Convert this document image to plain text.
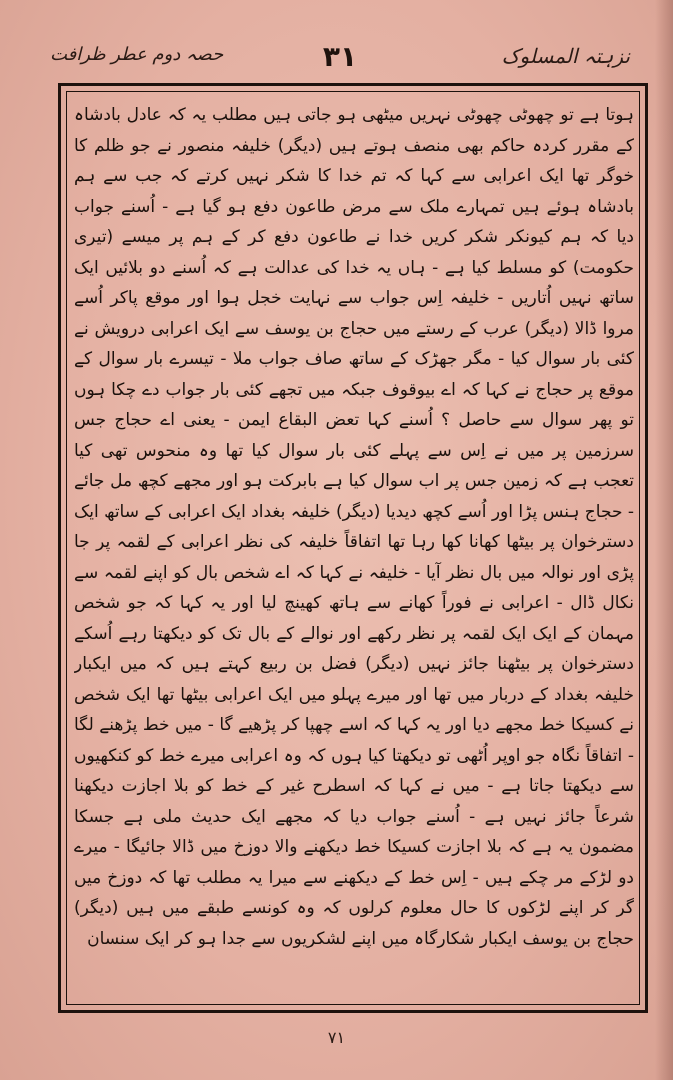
نزہتہ المسلوک
۳۱
حصہ دوم عطر ظرافت

ہوتا ہے تو چھوٹی چھوٹی نہریں میٹھی ہو جاتی ہیں مطلب یہ کہ عادل بادشاہ کے مقرر کردہ حاکم بھی منصف ہوتے ہیں (دیگر) خلیفہ منصور نے جو ظلم کا خوگر تھا ایک اعرابی سے کہا کہ تم خدا کا شکر نہیں کرتے کہ جب سے ہم بادشاہ ہوئے ہیں تمہارے ملک سے مرض طاعون دفع ہو گیا ہے - اُسنے جواب دیا کہ ہم کیونکر شکر کریں خدا نے طاعون دفع کر کے ہم پر میسے (تیری حکومت) کو مسلط کیا ہے - ہاں یہ خدا کی عدالت ہے کہ اُسنے دو بلائیں ایک ساتھ نہیں اُتاریں - خلیفہ اِس جواب سے نہایت خجل ہوا اور موقع پاکر اُسے مروا ڈالا (دیگر) عرب کے رستے میں حجاج بن یوسف سے ایک اعرابی درویش نے کئی بار سوال کیا - مگر جھڑک کے ساتھ صاف جواب ملا - تیسرے بار سوال کے موقع پر حجاج نے کہا کہ اے بیوقوف جبکہ میں تجھے کئی بار جواب دے چکا ہوں تو پھر سوال سے حاصل ؟ اُسنے کہا تعض البقاع ایمن - یعنی اے حجاج جس سرزمین پر میں نے اِس سے پہلے کئی بار سوال کیا تھا وہ منحوس تھی کیا تعجب ہے کہ زمین جس پر اب سوال کیا ہے بابرکت ہو اور مجھے کچھ مل جائے - حجاج ہنس پڑا اور اُسے کچھ دیدیا (دیگر) خلیفہ بغداد ایک اعرابی کے ساتھ ایک دسترخوان پر بیٹھا کھانا کھا رہا تھا اتفاقاً خلیفہ کی نظر اعرابی کے لقمہ پر جا پڑی اور نوالہ میں بال نظر آیا - خلیفہ نے کہا کہ اے شخص بال کو اپنے لقمہ سے نکال ڈال - اعرابی نے فوراً کھانے سے ہاتھ کھینچ لیا اور یہ کہا کہ جو شخص مہمان کے ایک ایک لقمہ پر نظر رکھے اور نوالے کے بال تک کو دیکھتا رہے اُسکے دسترخوان پر بیٹھنا جائز نہیں (دیگر) فضل بن ربیع کہتے ہیں کہ میں ایکبار خلیفہ بغداد کے دربار میں تھا اور میرے پہلو میں ایک اعرابی بیٹھا تھا ایک شخص نے کسیکا خط مجھے دیا اور یہ کہا کہ اسے چھپا کر پڑھیے گا - میں خط پڑھنے لگا - اتفاقاً نگاہ جو اوپر اُٹھی تو دیکھتا کیا ہوں کہ وہ اعرابی میرے خط کو کنکھیوں سے دیکھتا جاتا ہے - میں نے کہا کہ اسطرح غیر کے خط کو بلا اجازت دیکھنا شرعاً جائز نہیں ہے - اُسنے جواب دیا کہ مجھے ایک حدیث ملی ہے جسکا مضمون یہ ہے کہ بلا اجازت کسیکا خط دیکھنے والا دوزخ میں ڈالا جائیگا - میرے دو لڑکے مر چکے ہیں - اِس خط کے دیکھنے سے میرا یہ مطلب تھا کہ دوزخ میں گر کر اپنے لڑکوں کا حال معلوم کرلوں کہ وہ کونسے طبقے میں ہیں (دیگر) حجاج بن یوسف ایکبار شکارگاہ میں اپنے لشکریوں سے جدا ہو کر ایک سنسان

۷۱
